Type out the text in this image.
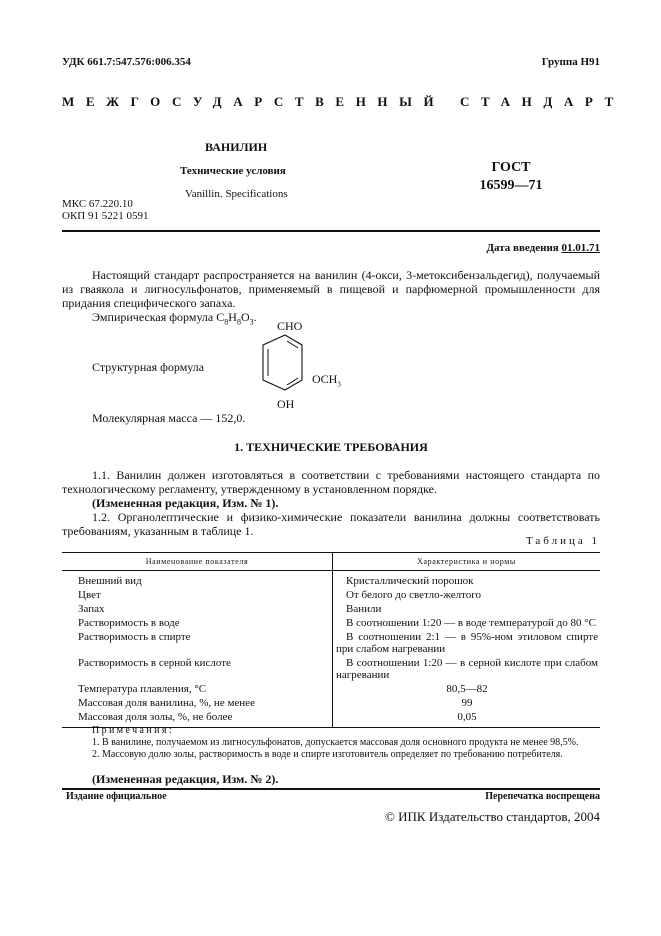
УДК 661.7:547.576:006.354	Группа Н91
МЕЖГОСУДАРСТВЕННЫЙ СТАНДАРТ
ВАНИЛИН
Технические условия
Vanillin. Specifications
ГОСТ
16599—71
МКС 67.220.10
ОКП 91 5221 0591
Дата введения 01.01.71
Настоящий стандарт распространяется на ванилин (4-окси, 3-метоксибензальдегид), получаемый из гваякола и лигносульфонатов, применяемый в пищевой и парфюмерной промышленности для придания специфического запаха.
Эмпирическая формула $C_8H_8O_3$.
Структурная формула
CHO
$OCH_3$
OH
Молекулярная масса — 152,0.
1. ТЕХНИЧЕСКИЕ ТРЕБОВАНИЯ
1.1. Ванилин должен изготовляться в соответствии с требованиями настоящего стандарта по технологическому регламенту, утвержденному в установленном порядке.
(Измененная редакция, Изм. № 1).
1.2. Органолептические и физико-химические показатели ванилина должны соответствовать требованиям, указанным в таблице 1.
Таблица 1
Наименование показателя	Характеристика и нормы
Внешний вид	Кристаллический порошок
Цвет	От белого до светло-желтого
Запах	Ванили
Растворимость в воде	В соотношении 1:20 — в воде температурой до 80 °С
Растворимость в спирте	В соотношении 2:1 — в 95%-ном этиловом спирте при слабом нагревании
Растворимость в серной кислоте	В соотношении 1:20 — в серной кислоте при слабом нагревании
Температура плавления, °С	80,5—82
Массовая доля ванилина, %, не менее	99
Массовая доля золы, %, не более	0,05
Примечания:
1. В ванилине, получаемом из лигносульфонатов, допускается массовая доля основного продукта не менее 98,5%.
2. Массовую долю золы, растворимость в воде и спирте изготовитель определяет по требованию потребителя.
(Измененная редакция, Изм. № 2).
Издание официальное	Перепечатка воспрещена
© ИПК Издательство стандартов, 2004
